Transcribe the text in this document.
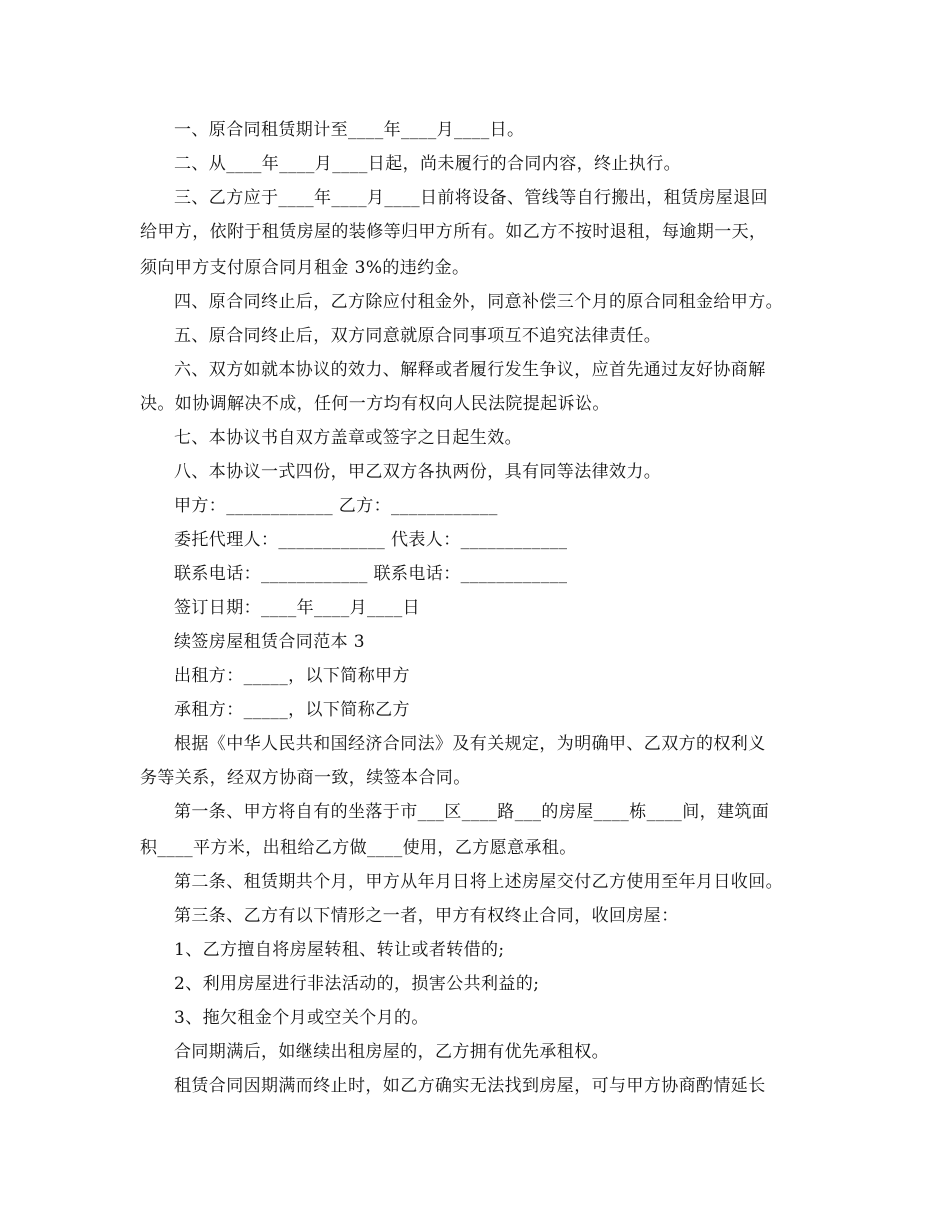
一、原合同租赁期计至____年____月____日。
二、从____年____月____日起，尚未履行的合同内容，终止执行。
三、乙方应于____年____月____日前将设备、管线等自行搬出，租赁房屋退回
给甲方，依附于租赁房屋的装修等归甲方所有。如乙方不按时退租，每逾期一天，
须向甲方支付原合同月租金 3%的违约金。
四、原合同终止后，乙方除应付租金外，同意补偿三个月的原合同租金给甲方。
五、原合同终止后，双方同意就原合同事项互不追究法律责任。
六、双方如就本协议的效力、解释或者履行发生争议，应首先通过友好协商解
决。如协调解决不成，任何一方均有权向人民法院提起诉讼。
七、本协议书自双方盖章或签字之日起生效。
八、本协议一式四份，甲乙双方各执两份，具有同等法律效力。
甲方：____________ 乙方：____________
委托代理人：____________ 代表人：____________
联系电话：____________ 联系电话：____________
签订日期：____年____月____日
续签房屋租赁合同范本 3
出租方：_____，以下简称甲方
承租方：_____，以下简称乙方
根据《中华人民共和国经济合同法》及有关规定，为明确甲、乙双方的权利义
务等关系，经双方协商一致，续签本合同。
第一条、甲方将自有的坐落于市___区____路___的房屋____栋____间，建筑面
积____平方米，出租给乙方做____使用，乙方愿意承租。
第二条、租赁期共个月，甲方从年月日将上述房屋交付乙方使用至年月日收回。
第三条、乙方有以下情形之一者，甲方有权终止合同，收回房屋：
1、乙方擅自将房屋转租、转让或者转借的;
2、利用房屋进行非法活动的，损害公共利益的;
3、拖欠租金个月或空关个月的。
合同期满后，如继续出租房屋的，乙方拥有优先承租权。
租赁合同因期满而终止时，如乙方确实无法找到房屋，可与甲方协商酌情延长
